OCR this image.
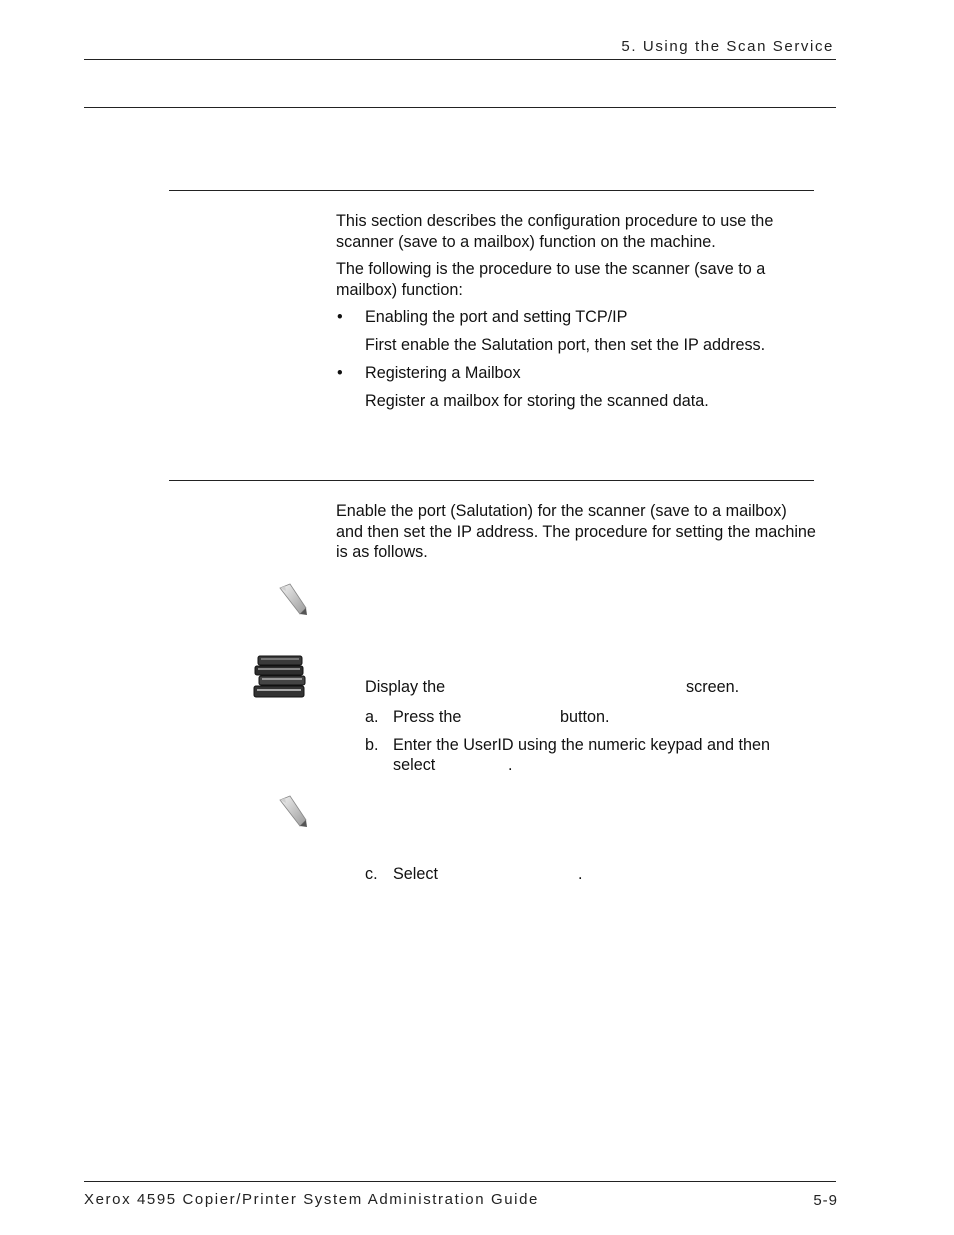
5. Using the Scan Service
This section describes the configuration procedure to use the scanner (save to a mailbox) function on the machine.
The following is the procedure to use the scanner (save to a mailbox) function:
• Enabling the port and setting TCP/IP
First enable the Salutation port, then set the IP address.
• Registering a Mailbox
Register a mailbox for storing the scanned data.
Enable the port (Salutation) for the scanner (save to a mailbox) and then set the IP address. The procedure for setting the machine is as follows.
Display the	screen.
a. Press the	button.
b. Enter the UserID using the numeric keypad and then
select	.
c. Select	.
Xerox 4595 Copier/Printer System Administration Guide	5-9
